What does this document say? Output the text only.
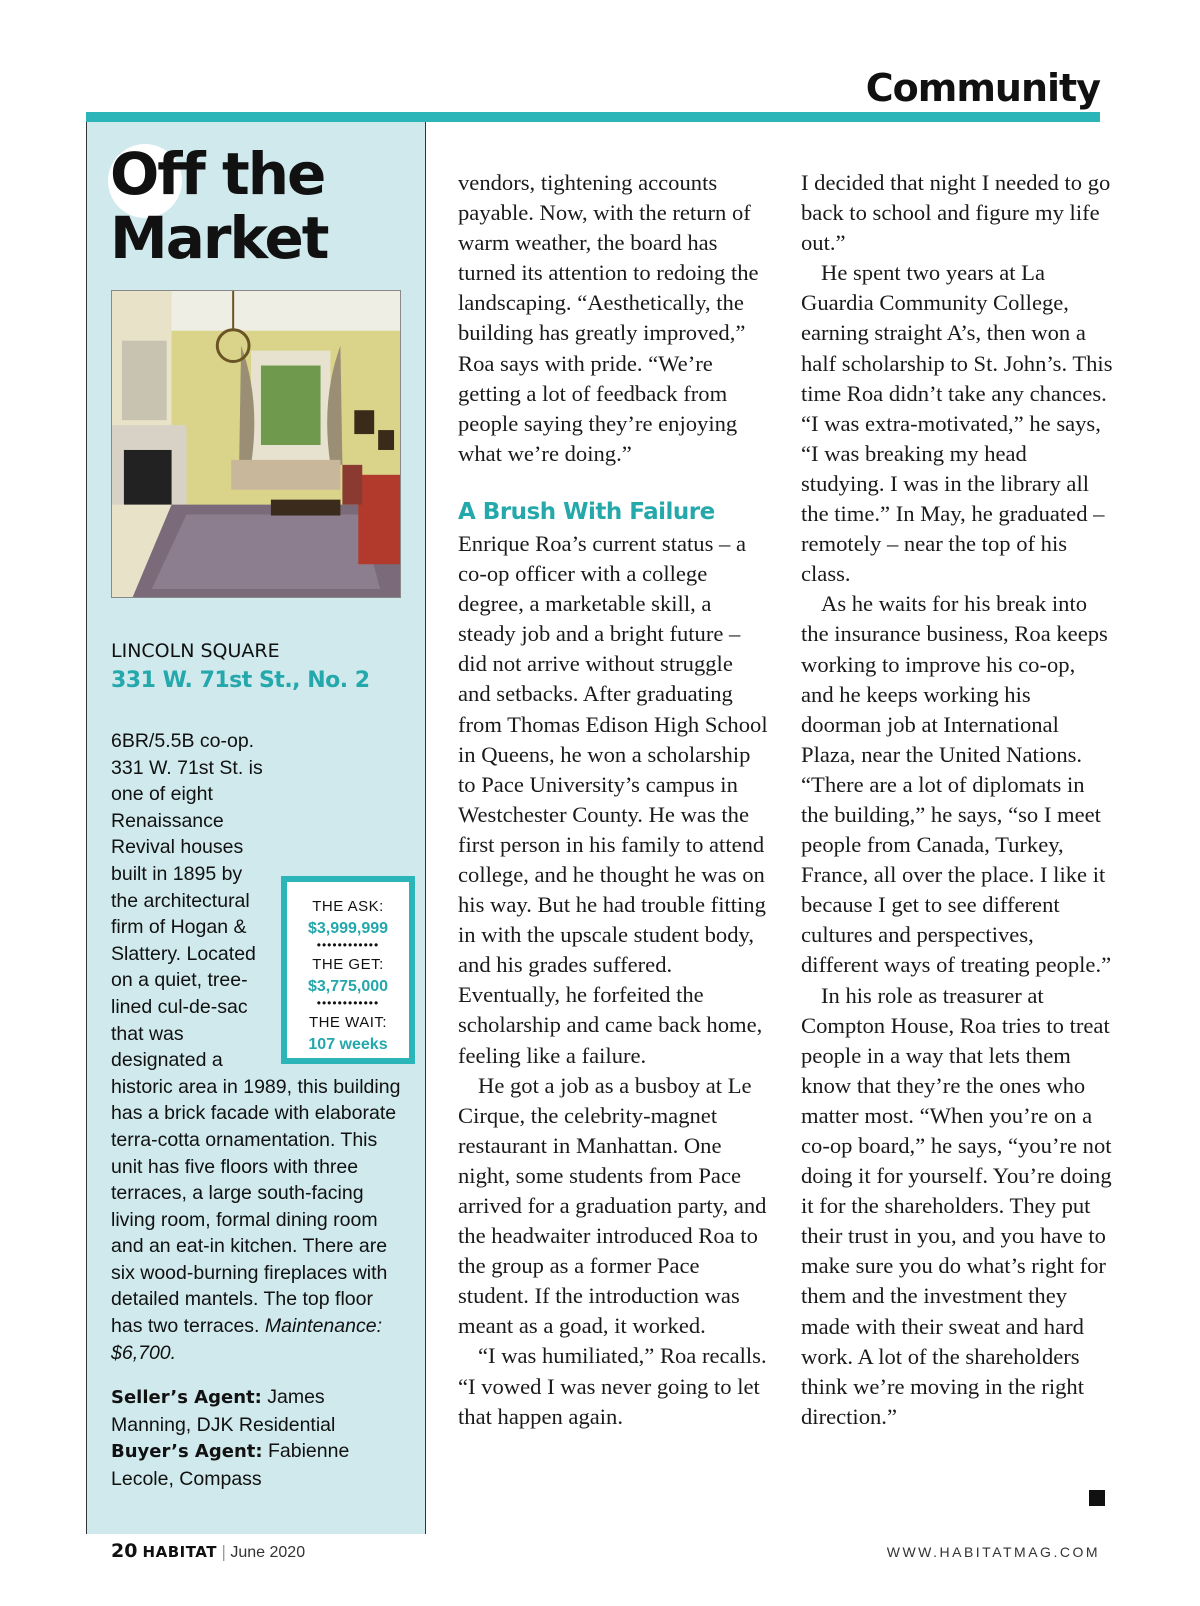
Community
Off the
Market
LINCOLN SQUARE
331 W. 71st St., No. 2
THE ASK:
$3,999,999
••••••••••••
THE GET:
$3,775,000
••••••••••••
THE WAIT:
107 weeks
6BR/5.5B co-op. 331 W. 71st St. is one of eight Renaissance Revival houses built in 1895 by the architectural firm of Hogan & Slattery. Located on a quiet, tree-lined cul-de-sac that was designated a historic area in 1989, this building has a brick facade with elaborate terra-cotta ornamentation. This unit has five floors with three terraces, a large south-facing living room, formal dining room and an eat-in kitchen. There are six wood-burning fireplaces with detailed mantels. The top floor has two terraces. Maintenance: $6,700.

Seller’s Agent: James Manning, DJK Residential
Buyer’s Agent: Fabienne Lecole, Compass

vendors, tightening accounts payable. Now, with the return of warm weather, the board has turned its attention to redoing the landscaping. “Aesthetically, the building has greatly improved,” Roa says with pride. “We’re getting a lot of feedback from people saying they’re enjoying what we’re doing.”

A Brush With Failure

Enrique Roa’s current status – a co-op officer with a college degree, a marketable skill, a steady job and a bright future – did not arrive without struggle and setbacks. After graduating from Thomas Edison High School in Queens, he won a scholarship to Pace University’s campus in Westchester County. He was the first person in his family to attend college, and he thought he was on his way. But he had trouble fitting in with the upscale student body, and his grades suffered. Eventually, he forfeited the scholarship and came back home, feeling like a failure.

He got a job as a busboy at Le Cirque, the celebrity-magnet restaurant in Manhattan. One night, some students from Pace arrived for a graduation party, and the headwaiter introduced Roa to the group as a former Pace student. If the introduction was meant as a goad, it worked.

“I was humiliated,” Roa recalls. “I vowed I was never going to let that happen again.

I decided that night I needed to go back to school and figure my life out.”

He spent two years at La Guardia Community College, earning straight A’s, then won a half scholarship to St. John’s. This time Roa didn’t take any chances. “I was extra-motivated,” he says, “I was breaking my head studying. I was in the library all the time.” In May, he graduated – remotely – near the top of his class.

As he waits for his break into the insurance business, Roa keeps working to improve his co-op, and he keeps working his doorman job at International Plaza, near the United Nations. “There are a lot of diplomats in the building,” he says, “so I meet people from Canada, Turkey, France, all over the place. I like it because I get to see different cultures and perspectives, different ways of treating people.”

In his role as treasurer at Compton House, Roa tries to treat people in a way that lets them know that they’re the ones who matter most. “When you’re on a co-op board,” he says, “you’re not doing it for yourself. You’re doing it for the shareholders. They put their trust in you, and you have to make sure you do what’s right for them and the investment they made with their sweat and hard work. A lot of the shareholders think we’re moving in the right direction.”

20 HABITAT | June 2020	WWW.HABITATMAG.COM
